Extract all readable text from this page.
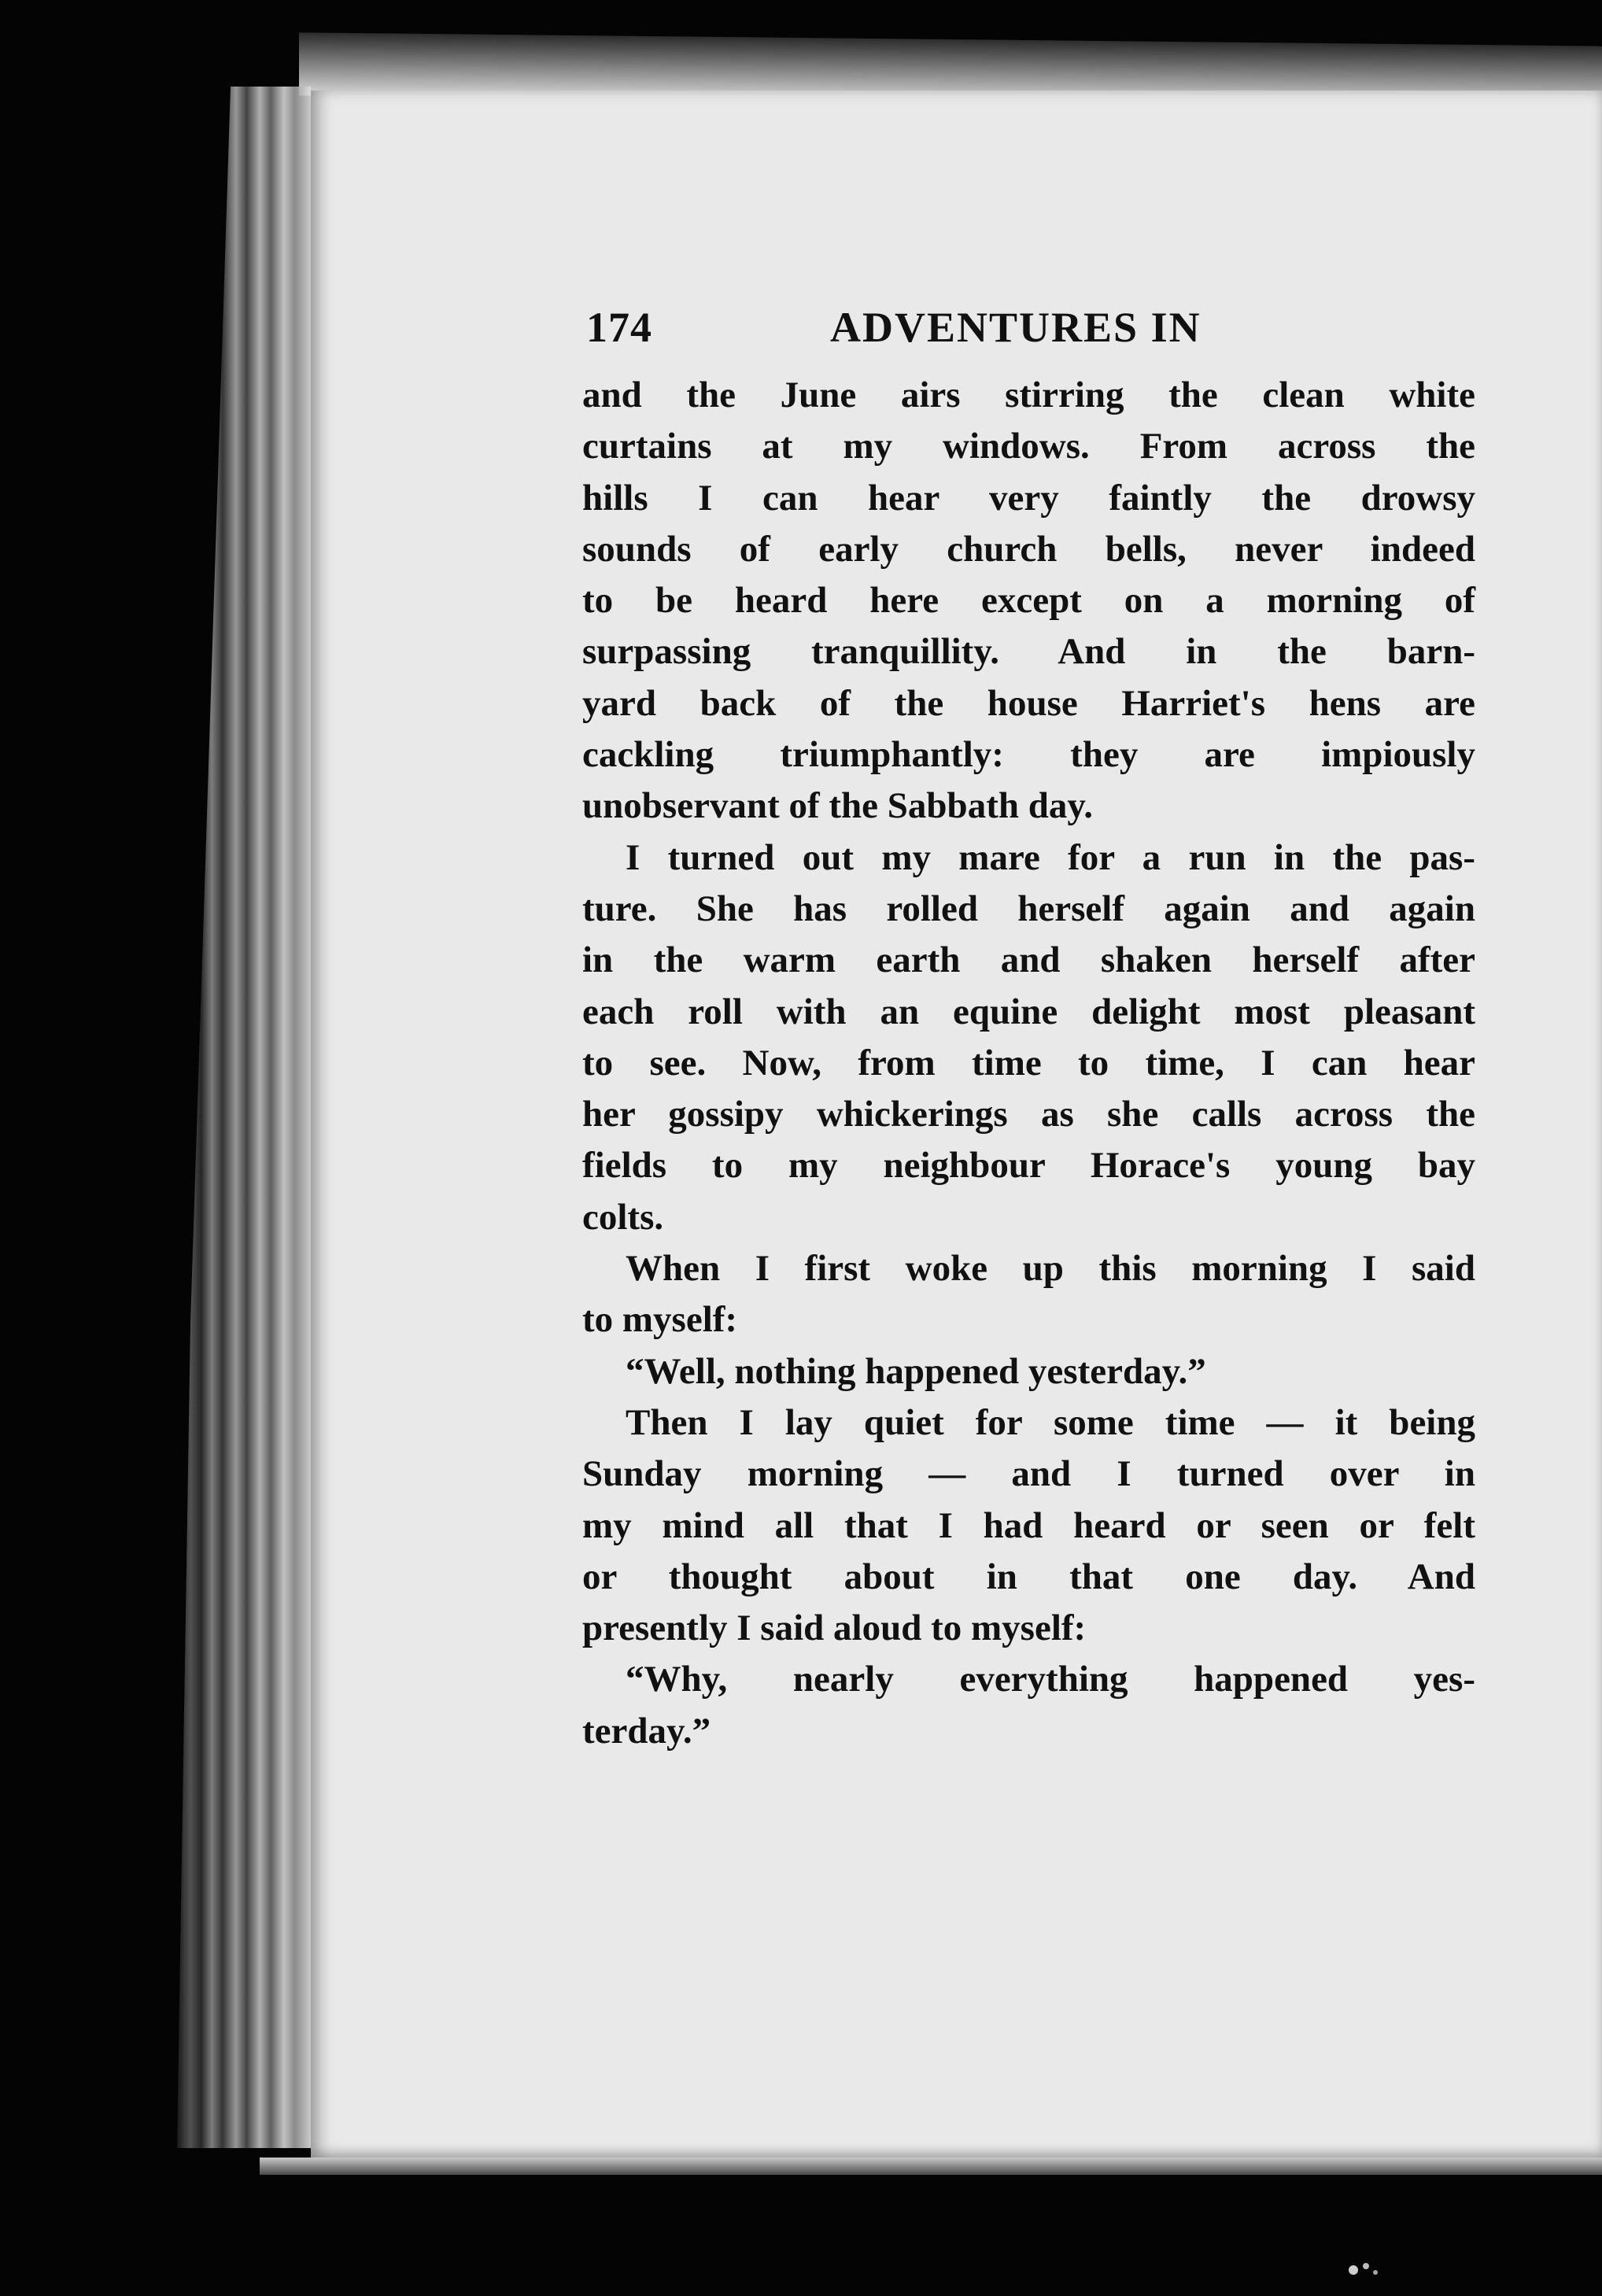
174	ADVENTURES IN
and the June airs stirring the clean white
curtains at my windows. From across the
hills I can hear very faintly the drowsy
sounds of early church bells, never indeed
to be heard here except on a morning of
surpassing tranquillity. And in the barn-
yard back of the house Harriet's hens are
cackling triumphantly: they are impiously
unobservant of the Sabbath day.
I turned out my mare for a run in the pas-
ture. She has rolled herself again and again
in the warm earth and shaken herself after
each roll with an equine delight most pleasant
to see. Now, from time to time, I can hear
her gossipy whickerings as she calls across the
fields to my neighbour Horace's young bay
colts.
When I first woke up this morning I said
to myself:
“Well, nothing happened yesterday.”
Then I lay quiet for some time — it being
Sunday morning — and I turned over in
my mind all that I had heard or seen or felt
or thought about in that one day. And
presently I said aloud to myself:
“Why, nearly everything happened yes-
terday.”
